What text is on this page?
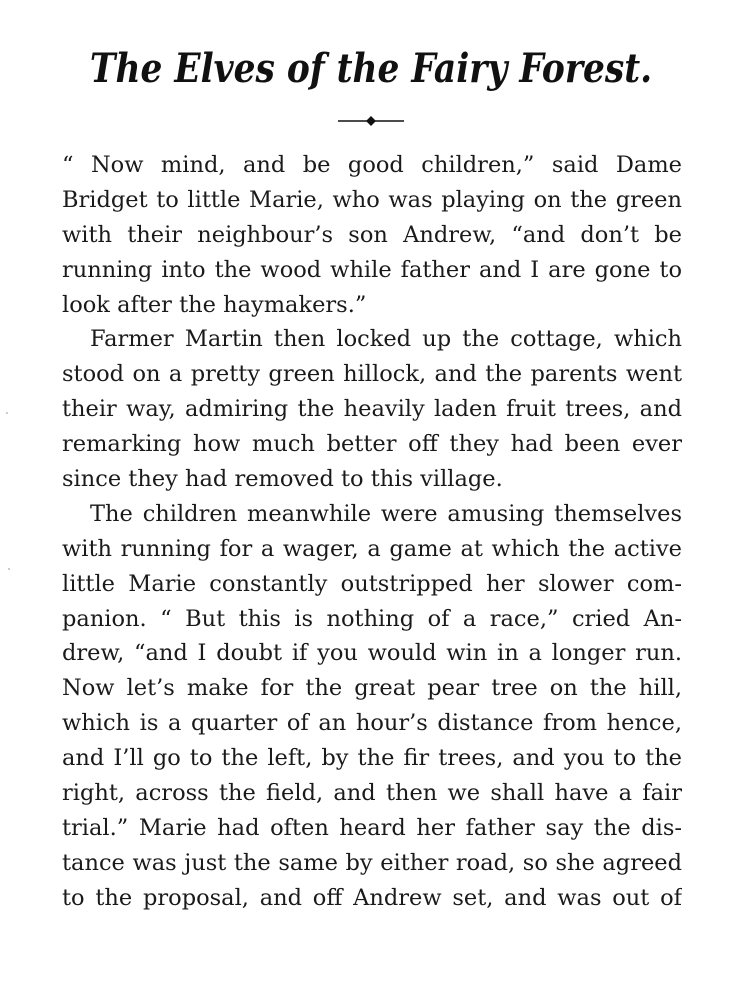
The Elves of the Fairy Forest.
“ Now mind, and be good children,” said Dame
Bridget to little Marie, who was playing on the green
with their neighbour’s son Andrew, “and don’t be
running into the wood while father and I are gone to
look after the haymakers.”
Farmer Martin then locked up the cottage, which
stood on a pretty green hillock, and the parents went
their way, admiring the heavily laden fruit trees, and
remarking how much better off they had been ever
since they had removed to this village.
The children meanwhile were amusing themselves
with running for a wager, a game at which the active
little Marie constantly outstripped her slower com-
panion. “ But this is nothing of a race,” cried An-
drew, “and I doubt if you would win in a longer run.
Now let’s make for the great pear tree on the hill,
which is a quarter of an hour’s distance from hence,
and I’ll go to the left, by the fir trees, and you to the
right, across the field, and then we shall have a fair
trial.” Marie had often heard her father say the dis-
tance was just the same by either road, so she agreed
to the proposal, and off Andrew set, and was out of
